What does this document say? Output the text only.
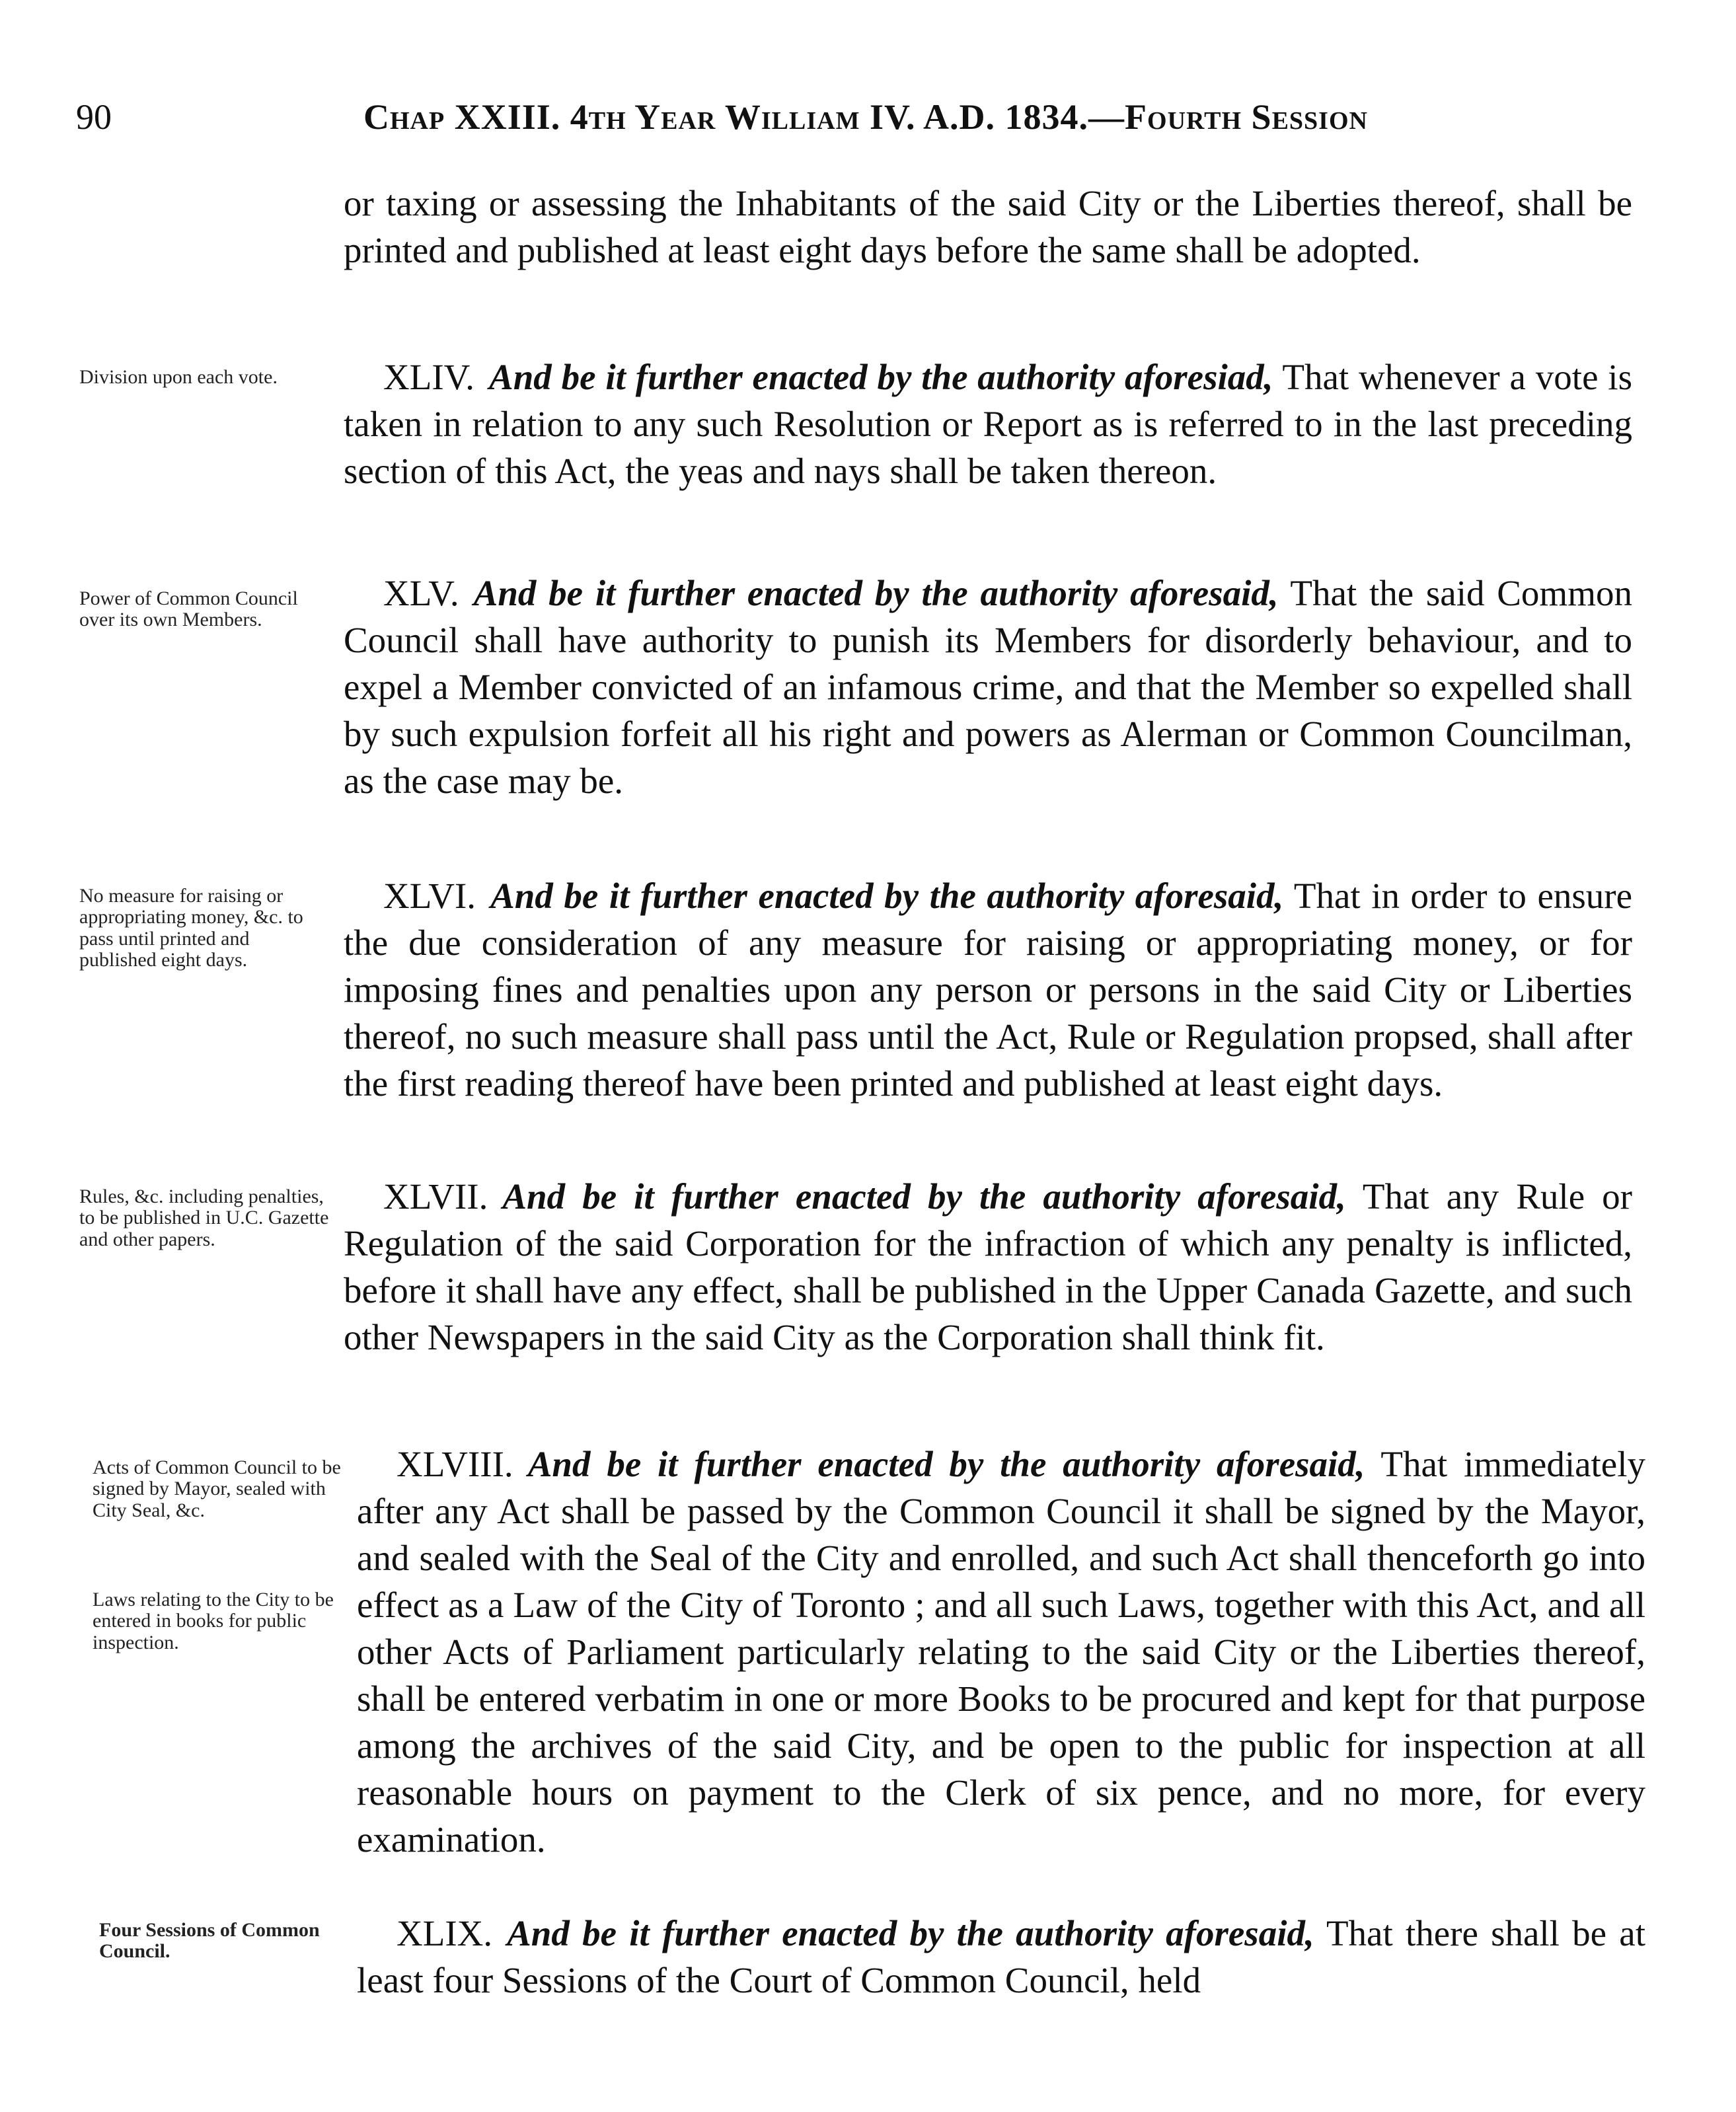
90	Chap XXIII. 4th Year William IV. A.D. 1834.—Fourth Session
or taxing or assessing the Inhabitants of the said City or the Liberties thereof, shall be printed and published at least eight days before the same shall be adopted.
Division upon each vote.	XLIV. And be it further enacted by the authority aforesiad, That whenever a vote is taken in relation to any such Resolution or Report as is referred to in the last preceding section of this Act, the yeas and nays shall be taken thereon.
Power of Common Council over its own Members.
XLV. And be it further enacted by the authority aforesaid, That the said Common Council shall have authority to punish its Members for disorderly behaviour, and to expel a Member convicted of an infamous crime, and that the Member so expelled shall by such expulsion forfeit all his right and powers as Alerman or Common Councilman, as the case may be.
No measure for raising or appropriating money, &c. to pass until printed and published eight days.
XLVI. And be it further enacted by the authority aforesaid, That in order to ensure the due consideration of any measure for raising or appropriating money, or for imposing fines and penalties upon any person or persons in the said City or Liberties thereof, no such measure shall pass until the Act, Rule or Regulation propsed, shall after the first reading thereof have been printed and published at least eight days.
Rules, &c. including penalties, to be published in U.C. Gazette and other papers.
XLVII. And be it further enacted by the authority aforesaid, That any Rule or Regulation of the said Corporation for the infraction of which any penalty is inflicted, before it shall have any effect, shall be published in the Upper Canada Gazette, and such other Newspapers in the said City as the Corporation shall think fit.
Acts of Common Council to be signed by Mayor, sealed with City Seal, &c.
Laws relating to the City to be entered in books for public inspection.
XLVIII. And be it further enacted by the authority aforesaid, That immediately after any Act shall be passed by the Common Council it shall be signed by the Mayor, and sealed with the Seal of the City and enrolled, and such Act shall thenceforth go into effect as a Law of the City of Toronto ; and all such Laws, together with this Act, and all other Acts of Parliament particularly relating to the said City or the Liberties thereof, shall be entered verbatim in one or more Books to be procured and kept for that purpose among the archives of the said City, and be open to the public for inspection at all reasonable hours on payment to the Clerk of six pence, and no more, for every examination.
Four Sessions of Common Council.	XLIX. And be it further enacted by the authority aforesaid, That there shall be at least four Sessions of the Court of Common Council, held
